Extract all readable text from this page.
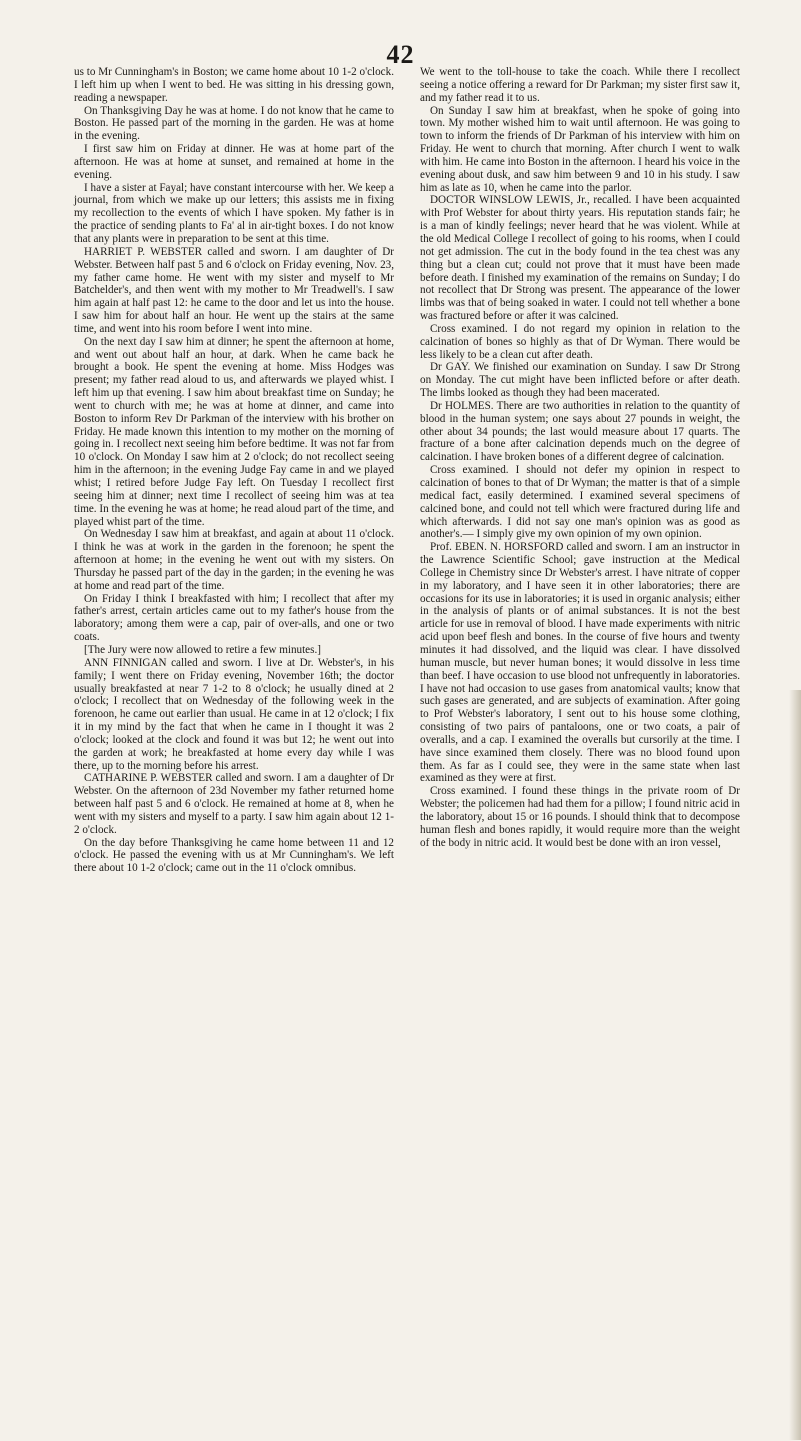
42

us to Mr Cunningham's in Boston; we came home about 10 1-2 o'clock. I left him up when I went to bed. He was sitting in his dressing gown, reading a newspaper.

On Thanksgiving Day he was at home. I do not know that he came to Boston. He passed part of the morning in the garden. He was at home in the evening.

I first saw him on Friday at dinner. He was at home part of the afternoon. He was at home at sunset, and remained at home in the evening.

I have a sister at Fayal; have constant intercourse with her. We keep a journal, from which we make up our letters; this assists me in fixing my recollection to the events of which I have spoken. My father is in the practice of sending plants to Fa' al in air-tight boxes. I do not know that any plants were in preparation to be sent at this time.

HARRIET P. WEBSTER called and sworn. I am daughter of Dr Webster. Between half past 5 and 6 o'clock on Friday evening, Nov. 23, my father came home. He went with my sister and myself to Mr Batchelder's, and then went with my mother to Mr Treadwell's. I saw him again at half past 12: he came to the door and let us into the house. I saw him for about half an hour. He went up the stairs at the same time, and went into his room before I went into mine.

On the next day I saw him at dinner; he spent the afternoon at home, and went out about half an hour, at dark. When he came back he brought a book. He spent the evening at home. Miss Hodges was present; my father read aloud to us, and afterwards we played whist. I left him up that evening. I saw him about breakfast time on Sunday; he went to church with me; he was at home at dinner, and came into Boston to inform Rev Dr Parkman of the interview with his brother on Friday. He made known this intention to my mother on the morning of going in. I recollect next seeing him before bedtime. It was not far from 10 o'clock. On Monday I saw him at 2 o'clock; do not recollect seeing him in the afternoon; in the evening Judge Fay came in and we played whist; I retired before Judge Fay left. On Tuesday I recollect first seeing him at dinner; next time I recollect of seeing him was at tea time. In the evening he was at home; he read aloud part of the time, and played whist part of the time.

On Wednesday I saw him at breakfast, and again at about 11 o'clock. I think he was at work in the garden in the forenoon; he spent the afternoon at home; in the evening he went out with my sisters. On Thursday he passed part of the day in the garden; in the evening he was at home and read part of the time.

On Friday I think I breakfasted with him; I recollect that after my father's arrest, certain articles came out to my father's house from the laboratory; among them were a cap, pair of over-alls, and one or two coats.

[The Jury were now allowed to retire a few minutes.]

ANN FINNIGAN called and sworn. I live at Dr. Webster's, in his family; I went there on Friday evening, November 16th; the doctor usually breakfasted at near 7 1-2 to 8 o'clock; he usually dined at 2 o'clock; I recollect that on Wednesday of the following week in the forenoon, he came out earlier than usual. He came in at 12 o'clock; I fix it in my mind by the fact that when he came in I thought it was 2 o'clock; looked at the clock and found it was but 12; he went out into the garden at work; he breakfasted at home every day while I was there, up to the morning before his arrest.

CATHARINE P. WEBSTER called and sworn. I am a daughter of Dr Webster. On the afternoon of 23d November my father returned home between half past 5 and 6 o'clock. He remained at home at 8, when he went with my sisters and myself to a party. I saw him again about 12 1-2 o'clock.

On the day before Thanksgiving he came home between 11 and 12 o'clock. He passed the evening with us at Mr Cunningham's. We left there about 10 1-2 o'clock; came out in the 11 o'clock omnibus.

We went to the toll-house to take the coach. While there I recollect seeing a notice offering a reward for Dr Parkman; my sister first saw it, and my father read it to us.

On Sunday I saw him at breakfast, when he spoke of going into town. My mother wished him to wait until afternoon. He was going to town to inform the friends of Dr Parkman of his interview with him on Friday. He went to church that morning. After church I went to walk with him. He came into Boston in the afternoon. I heard his voice in the evening about dusk, and saw him between 9 and 10 in his study. I saw him as late as 10, when he came into the parlor.

DOCTOR WINSLOW LEWIS, Jr., recalled. I have been acquainted with Prof Webster for about thirty years. His reputation stands fair; he is a man of kindly feelings; never heard that he was violent. While at the old Medical College I recollect of going to his rooms, when I could not get admission. The cut in the body found in the tea chest was any thing but a clean cut; could not prove that it must have been made before death. I finished my examination of the remains on Sunday; I do not recollect that Dr Strong was present. The appearance of the lower limbs was that of being soaked in water. I could not tell whether a bone was fractured before or after it was calcined.

Cross examined. I do not regard my opinion in relation to the calcination of bones so highly as that of Dr Wyman. There would be less likely to be a clean cut after death.

Dr GAY. We finished our examination on Sunday. I saw Dr Strong on Monday. The cut might have been inflicted before or after death. The limbs looked as though they had been macerated.

Dr HOLMES. There are two authorities in relation to the quantity of blood in the human system; one says about 27 pounds in weight, the other about 34 pounds; the last would measure about 17 quarts. The fracture of a bone after calcination depends much on the degree of calcination. I have broken bones of a different degree of calcination.

Cross examined. I should not defer my opinion in respect to calcination of bones to that of Dr Wyman; the matter is that of a simple medical fact, easily determined. I examined several specimens of calcined bone, and could not tell which were fractured during life and which afterwards. I did not say one man's opinion was as good as another's.— I simply give my own opinion of my own opinion.

Prof. EBEN. N. HORSFORD called and sworn. I am an instructor in the Lawrence Scientific School; gave instruction at the Medical College in Chemistry since Dr Webster's arrest. I have nitrate of copper in my laboratory, and I have seen it in other laboratories; there are occasions for its use in laboratories; it is used in organic analysis; either in the analysis of plants or of animal substances. It is not the best article for use in removal of blood. I have made experiments with nitric acid upon beef flesh and bones. In the course of five hours and twenty minutes it had dissolved, and the liquid was clear. I have dissolved human muscle, but never human bones; it would dissolve in less time than beef. I have occasion to use blood not unfrequently in laboratories. I have not had occasion to use gases from anatomical vaults; know that such gases are generated, and are subjects of examination. After going to Prof Webster's laboratory, I sent out to his house some clothing, consisting of two pairs of pantaloons, one or two coats, a pair of overalls, and a cap. I examined the overalls but cursorily at the time. I have since examined them closely. There was no blood found upon them. As far as I could see, they were in the same state when last examined as they were at first.

Cross examined. I found these things in the private room of Dr Webster; the policemen had had them for a pillow; I found nitric acid in the laboratory, about 15 or 16 pounds. I should think that to decompose human flesh and bones rapidly, it would require more than the weight of the body in nitric acid. It would best be done with an iron vessel,
